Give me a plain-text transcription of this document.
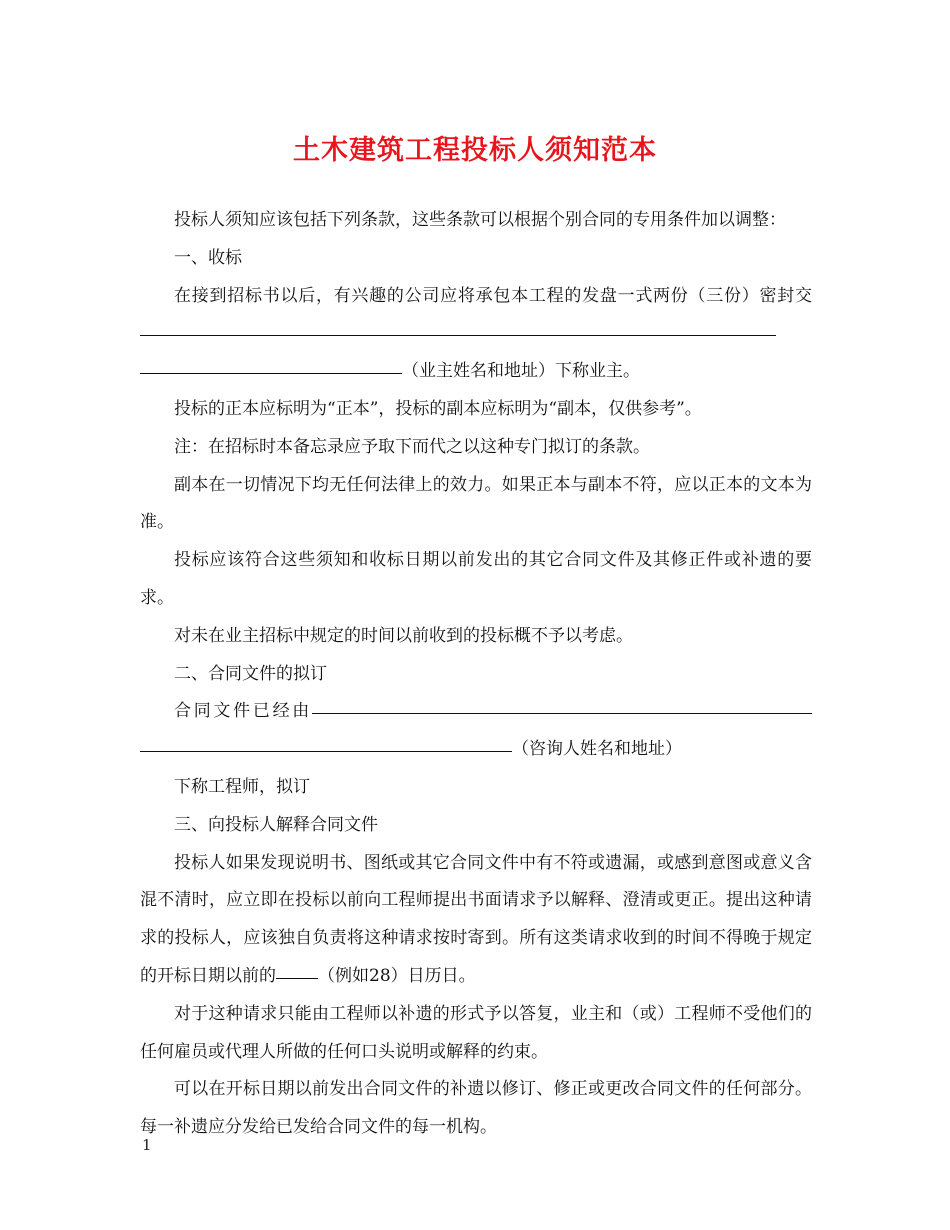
土木建筑工程投标人须知范本

投标人须知应该包括下列条款，这些条款可以根据个别合同的专用条件加以调整：

一、收标

在接到招标书以后，有兴趣的公司应将承包本工程的发盘一式两份（三份）密封交（业主姓名和地址）下称业主。

投标的正本应标明为“正本”，投标的副本应标明为“副本，仅供参考”。

注：在招标时本备忘录应予取下而代之以这种专门拟订的条款。

副本在一切情况下均无任何法律上的效力。如果正本与副本不符，应以正本的文本为准。

投标应该符合这些须知和收标日期以前发出的其它合同文件及其修正件或补遗的要求。

对未在业主招标中规定的时间以前收到的投标概不予以考虑。

二、合同文件的拟订

合同文件已经由（咨询人姓名和地址）

下称工程师，拟订

三、向投标人解释合同文件

投标人如果发现说明书、图纸或其它合同文件中有不符或遗漏，或感到意图或意义含混不清时，应立即在投标以前向工程师提出书面请求予以解释、澄清或更正。提出这种请求的投标人，应该独自负责将这种请求按时寄到。所有这类请求收到的时间不得晚于规定的开标日期以前的 （例如28）日历日。

对于这种请求只能由工程师以补遗的形式予以答复，业主和（或）工程师不受他们的任何雇员或代理人所做的任何口头说明或解释的约束。

可以在开标日期以前发出合同文件的补遗以修订、修正或更改合同文件的任何部分。每一补遗应分发给已发给合同文件的每一机构。

1
